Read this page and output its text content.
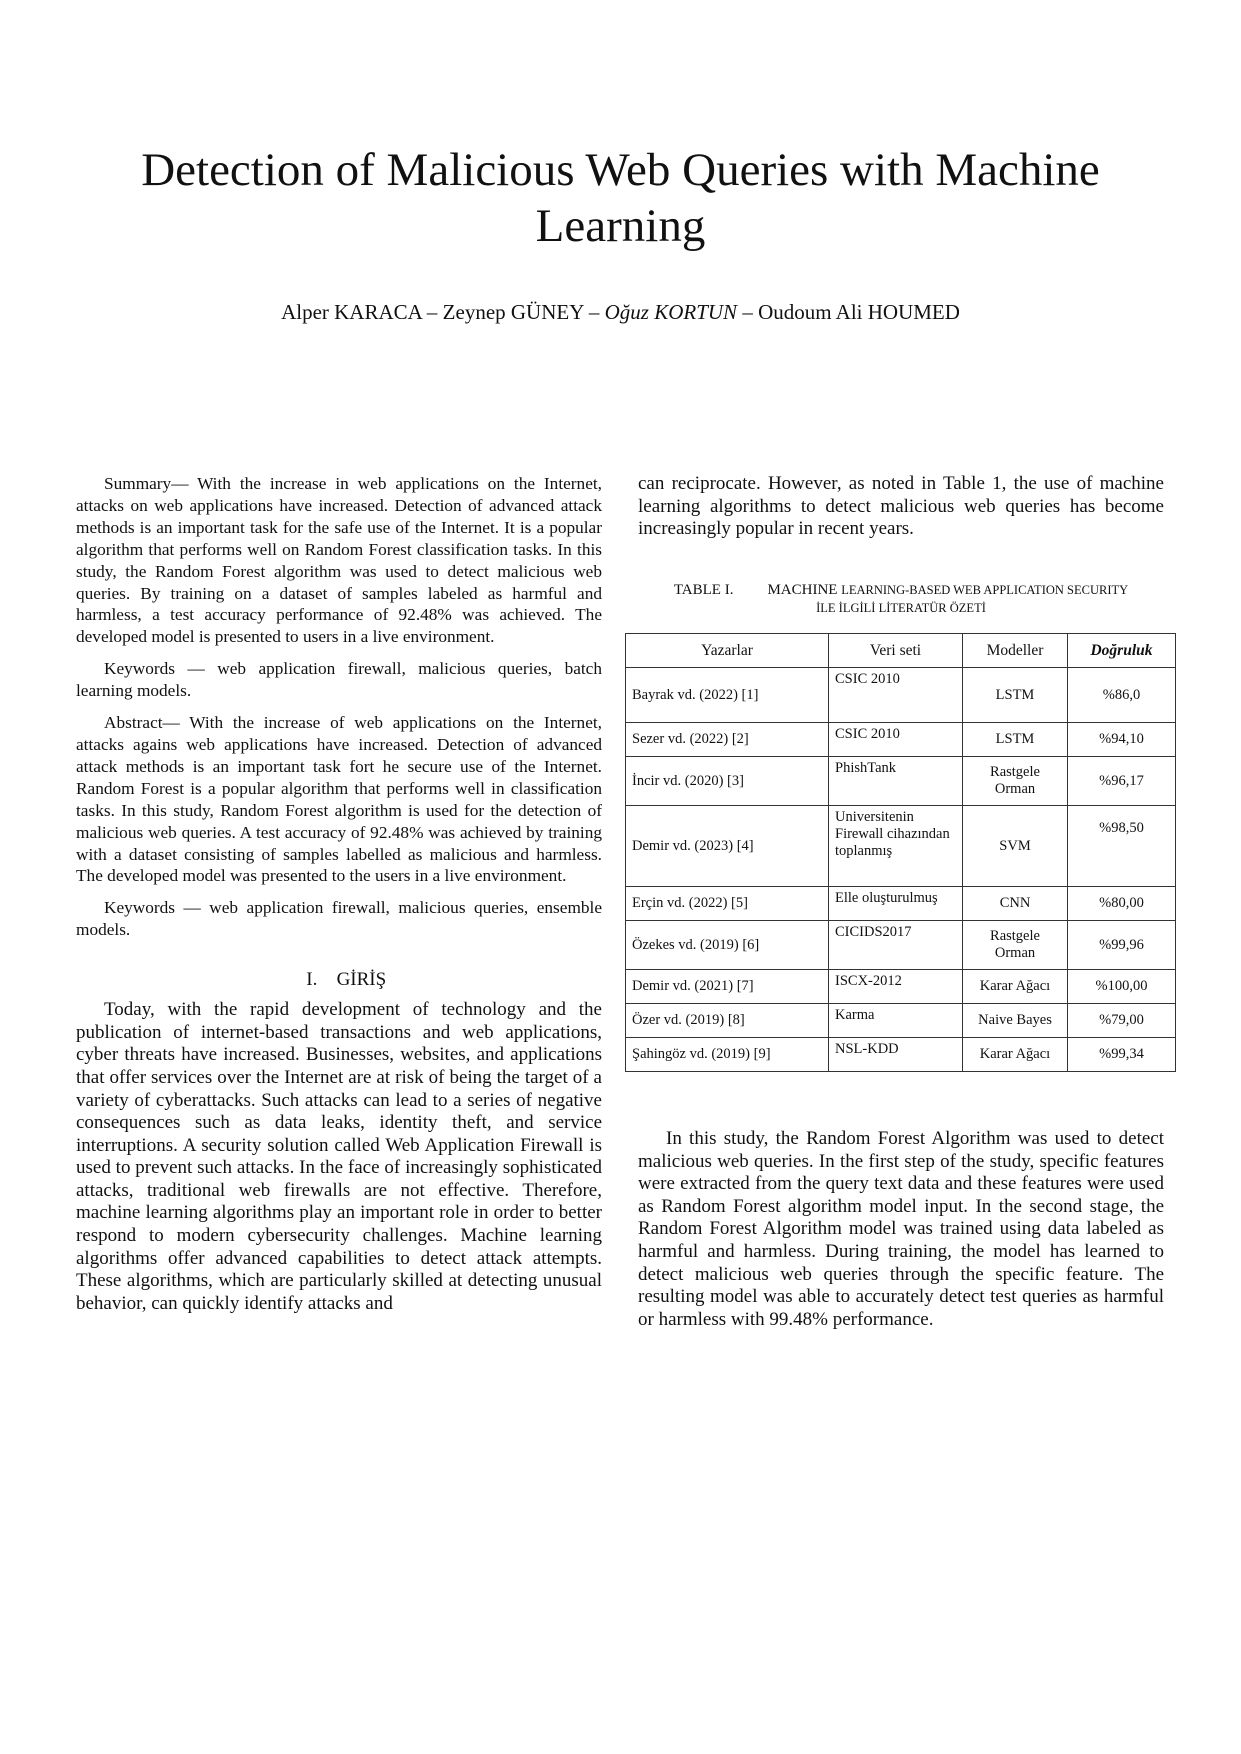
Detection of Malicious Web Queries with Machine Learning
Alper KARACA – Zeynep GÜNEY – Oğuz KORTUN – Oudoum Ali HOUMED

Summary— With the increase in web applications on the Internet, attacks on web applications have increased. Detection of advanced attack methods is an important task for the safe use of the Internet. It is a popular algorithm that performs well on Random Forest classification tasks. In this study, the Random Forest algorithm was used to detect malicious web queries. By training on a dataset of samples labeled as harmful and harmless, a test accuracy performance of 92.48% was achieved. The developed model is presented to users in a live environment.

Keywords — web application firewall, malicious queries, batch learning models.

Abstract— With the increase of web applications on the Internet, attacks agains web applications have increased. Detection of advanced attack methods is an important task fort he secure use of the Internet. Random Forest is a popular algorithm that performs well in classification tasks. In this study, Random Forest algorithm is used for the detection of malicious web queries. A test accuracy of 92.48% was achieved by training with a dataset consisting of samples labelled as malicious and harmless. The developed model was presented to the users in a live environment.

Keywords — web application firewall, malicious queries, ensemble models.

I. GİRİŞ

Today, with the rapid development of technology and the publication of internet-based transactions and web applications, cyber threats have increased. Businesses, websites, and applications that offer services over the Internet are at risk of being the target of a variety of cyberattacks. Such attacks can lead to a series of negative consequences such as data leaks, identity theft, and service interruptions. A security solution called Web Application Firewall is used to prevent such attacks. In the face of increasingly sophisticated attacks, traditional web firewalls are not effective. Therefore, machine learning algorithms play an important role in order to better respond to modern cybersecurity challenges. Machine learning algorithms offer advanced capabilities to detect attack attempts. These algorithms, which are particularly skilled at detecting unusual behavior, can quickly identify attacks and

can reciprocate. However, as noted in Table 1, the use of machine learning algorithms to detect malicious web queries has become increasingly popular in recent years.

TABLE I. MACHINE LEARNING-BASED WEB APPLICATION SECURITY
İLE İLGİLİ LİTERATÜR ÖZETİ
Yazarlar	Veri seti	Modeller	Doğruluk
Bayrak vd. (2022) [1]	CSIC 2010	LSTM	%86,0
Sezer vd. (2022) [2]	CSIC 2010	LSTM	%94,10
İncir vd. (2020) [3]	PhishTank	Rastgele Orman	%96,17
Demir vd. (2023) [4]	Universitenin Firewall cihazından toplanmış	SVM	%98,50
Erçin vd. (2022) [5]	Elle oluşturulmuş	CNN	%80,00
Özekes vd. (2019) [6]	CICIDS2017	Rastgele Orman	%99,96
Demir vd. (2021) [7]	ISCX-2012	Karar Ağacı	%100,00
Özer vd. (2019) [8]	Karma	Naive Bayes	%79,00
Şahingöz vd. (2019) [9]	NSL-KDD	Karar Ağacı	%99,34

In this study, the Random Forest Algorithm was used to detect malicious web queries. In the first step of the study, specific features were extracted from the query text data and these features were used as Random Forest algorithm model input. In the second stage, the Random Forest Algorithm model was trained using data labeled as harmful and harmless. During training, the model has learned to detect malicious web queries through the specific feature. The resulting model was able to accurately detect test queries as harmful or harmless with 99.48% performance.
